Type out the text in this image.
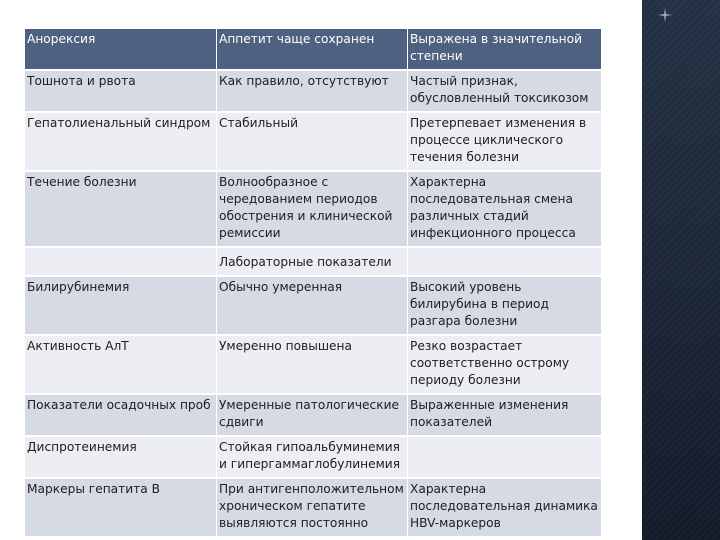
Анорексия	Аппетит чаще сохранен	Выражена в значительной степени
Тошнота и рвота	Как правило, отсутствуют	Частый признак, обусловленный токсикозом
Гепатолиенальный синдром	Стабильный	Претерпевает изменения в процессе циклического течения болезни
Течение болезни	Волнообразное с чередованием периодов обострения и клинической ремиссии	Характерна последовательная смена различных стадий инфекционного процесса
	Лабораторные показатели	
Билирубинемия	Обычно умеренная	Высокий уровень билирубина в период разгара болезни
Активность АлТ	Умеренно повышена	Резко возрастает соответственно острому периоду болезни
Показатели осадочных проб	Умеренные патологические сдвиги	Выраженные изменения показателей
Диспротеинемия	Стойкая гипоальбуминемия и гипергаммаглобулинемия	
Маркеры гепатита В	При антигенположительном хроническом гепатите выявляются постоянно	Характерна последовательная динамика HBV-маркеров
